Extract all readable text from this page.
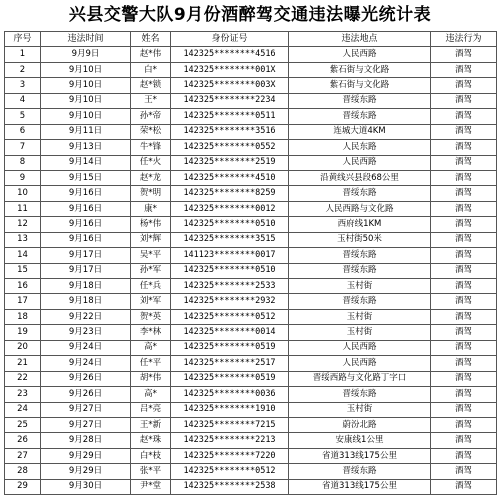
兴县交警大队9月份酒醉驾交通违法曝光统计表
序号	违法时间	姓名	身份证号	违法地点	违法行为
1	9月9日	赵*伟	142325********4516	人民西路	酒驾
2	9月10日	白*	142325********001X	紫石街与文化路	酒驾
3	9月10日	赵*锁	142325********003X	紫石街与文化路	酒驾
4	9月10日	王*	142325********2234	晋绥东路	酒驾
5	9月10日	孙*帝	142325********0511	晋绥东路	酒驾
6	9月11日	荣*松	142325********3516	连城大道4KM	酒驾
7	9月13日	牛*锋	142325********0552	人民东路	酒驾
8	9月14日	任*火	142325********2519	人民西路	酒驾
9	9月15日	赵*龙	142325********4510	沿黄线兴县段68公里	酒驾
10	9月16日	贺*明	142325********8259	晋绥东路	酒驾
11	9月16日	康*	142325********0012	人民西路与文化路	酒驾
12	9月16日	杨*伟	142325********0510	西府线1KM	酒驾
13	9月16日	刘*辉	142325********3515	玉村街50米	酒驾
14	9月17日	吴*平	141123********0017	晋绥东路	酒驾
15	9月17日	孙*军	142325********0510	晋绥东路	酒驾
16	9月18日	任*兵	142325********2533	玉村街	酒驾
17	9月18日	刘*军	142325********2932	晋绥东路	酒驾
18	9月22日	贺*英	142325********0512	玉村街	酒驾
19	9月23日	李*林	142325********0014	玉村街	酒驾
20	9月24日	高*	142325********0519	人民西路	酒驾
21	9月24日	任*平	142325********2517	人民西路	酒驾
22	9月26日	胡*伟	142325********0519	晋绥西路与文化路丁字口	酒驾
23	9月26日	高*	142325********0036	晋绥东路	酒驾
24	9月27日	吕*亮	142325********1910	玉村街	酒驾
25	9月27日	王*新	142325********7215	蔚汾北路	酒驾
26	9月28日	赵*珠	142325********2213	安康线1公里	酒驾
27	9月29日	白*枝	142325********7220	省道313线175公里	酒驾
28	9月29日	张*平	142325********0512	晋绥东路	酒驾
29	9月30日	尹*堂	142325********2538	省道313线175公里	酒驾
